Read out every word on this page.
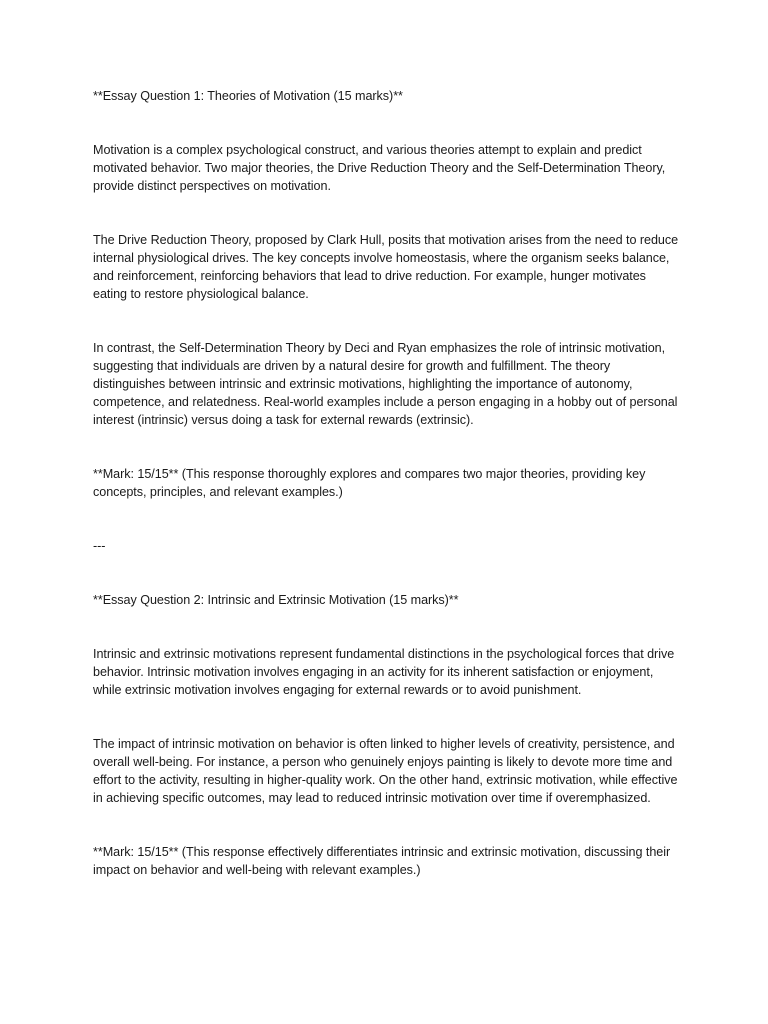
**Essay Question 1: Theories of Motivation (15 marks)**

Motivation is a complex psychological construct, and various theories attempt to explain and predict motivated behavior. Two major theories, the Drive Reduction Theory and the Self-Determination Theory, provide distinct perspectives on motivation.

The Drive Reduction Theory, proposed by Clark Hull, posits that motivation arises from the need to reduce internal physiological drives. The key concepts involve homeostasis, where the organism seeks balance, and reinforcement, reinforcing behaviors that lead to drive reduction. For example, hunger motivates eating to restore physiological balance.

In contrast, the Self-Determination Theory by Deci and Ryan emphasizes the role of intrinsic motivation, suggesting that individuals are driven by a natural desire for growth and fulfillment. The theory distinguishes between intrinsic and extrinsic motivations, highlighting the importance of autonomy, competence, and relatedness. Real-world examples include a person engaging in a hobby out of personal interest (intrinsic) versus doing a task for external rewards (extrinsic).

**Mark: 15/15** (This response thoroughly explores and compares two major theories, providing key concepts, principles, and relevant examples.)

---

**Essay Question 2: Intrinsic and Extrinsic Motivation (15 marks)**

Intrinsic and extrinsic motivations represent fundamental distinctions in the psychological forces that drive behavior. Intrinsic motivation involves engaging in an activity for its inherent satisfaction or enjoyment, while extrinsic motivation involves engaging for external rewards or to avoid punishment.

The impact of intrinsic motivation on behavior is often linked to higher levels of creativity, persistence, and overall well-being. For instance, a person who genuinely enjoys painting is likely to devote more time and effort to the activity, resulting in higher-quality work. On the other hand, extrinsic motivation, while effective in achieving specific outcomes, may lead to reduced intrinsic motivation over time if overemphasized.

**Mark: 15/15** (This response effectively differentiates intrinsic and extrinsic motivation, discussing their impact on behavior and well-being with relevant examples.)
